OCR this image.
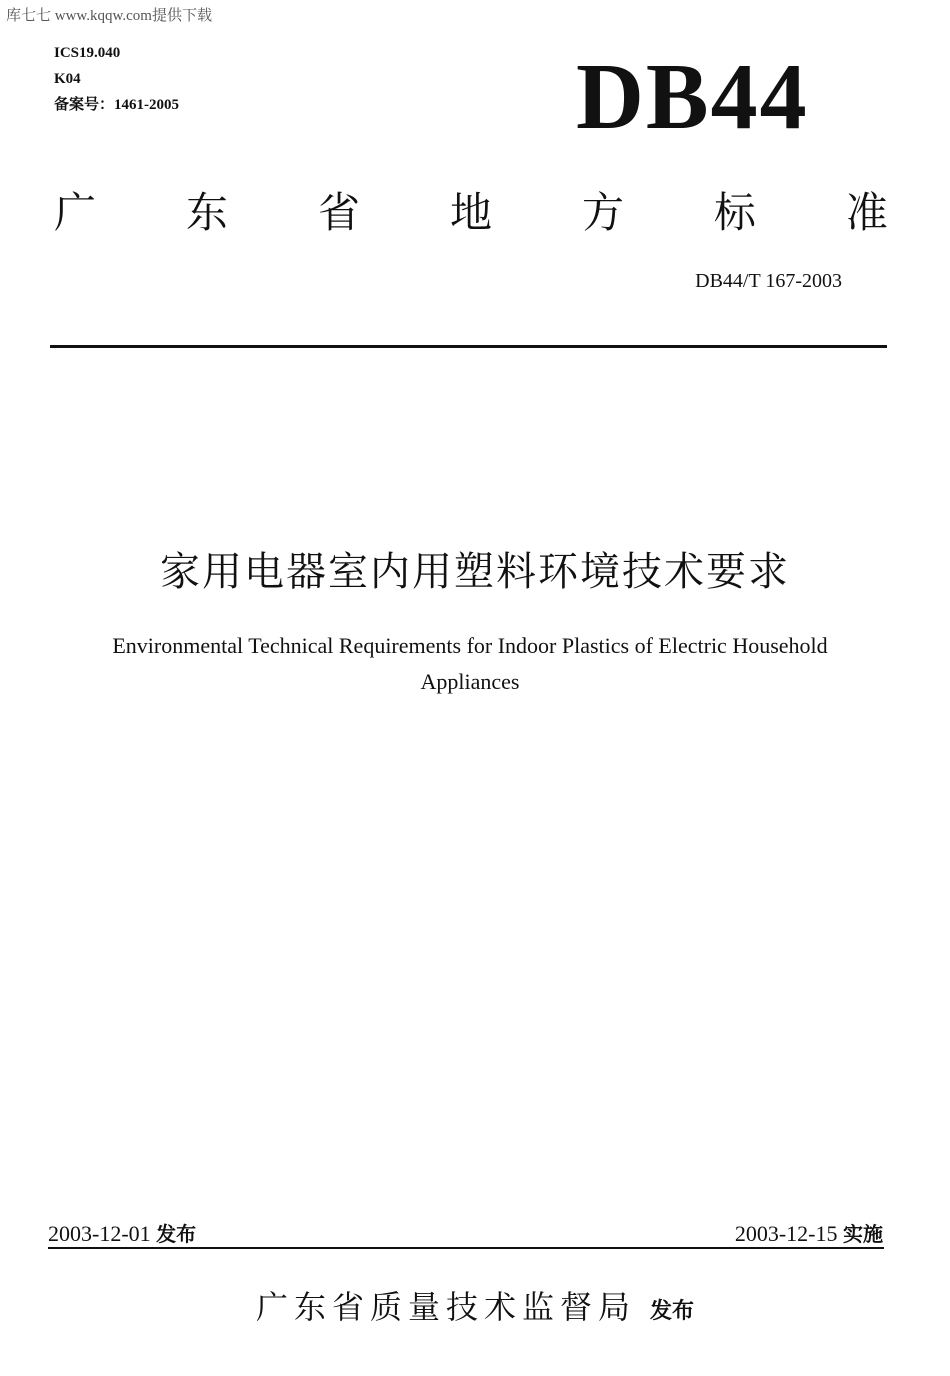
库七七 www.kqqw.com提供下载
ICS19.040
K04
备案号：1461-2005	DB44
广 东 省 地 方 标 准
DB44/T 167-2003
家用电器室内用塑料环境技术要求
Environmental Technical Requirements for Indoor Plastics of Electric Household
Appliances
2003-12-01 发布	2003-12-15 实施
广东省质量技术监督局 发布
